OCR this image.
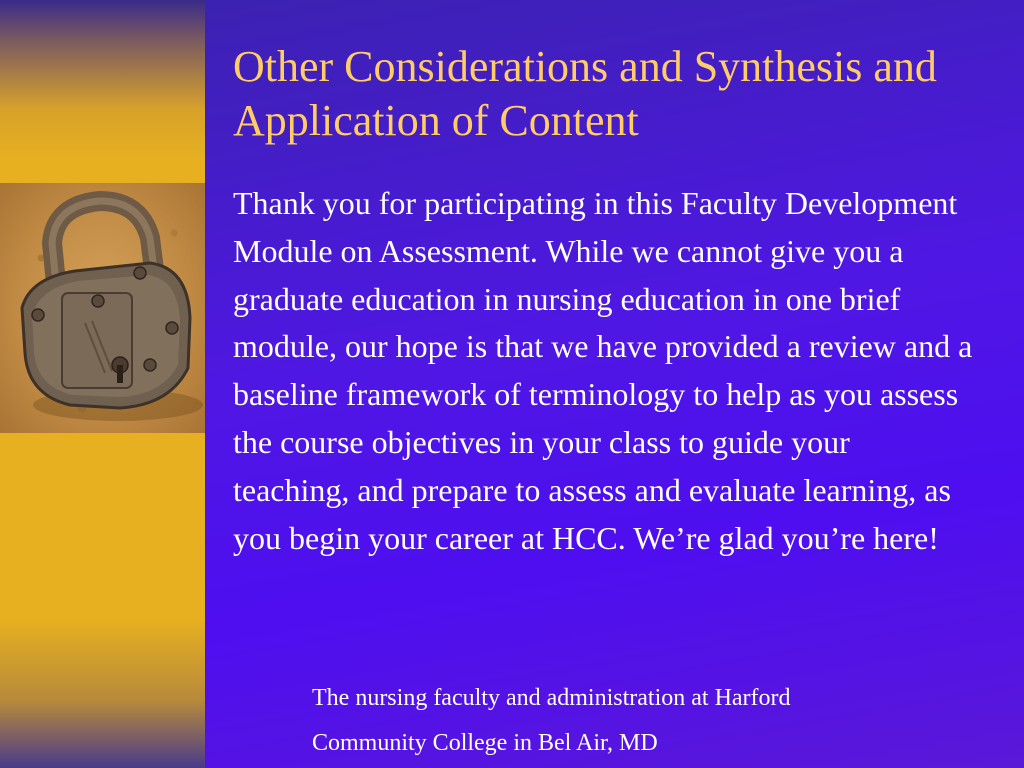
Other Considerations and Synthesis and Application of Content

Thank you for participating in this Faculty Development Module on Assessment. While we cannot give you a graduate education in nursing education in one brief module, our hope is that we have provided a review and a baseline framework of terminology to help as you assess the course objectives in your class to guide your teaching, and prepare to assess and evaluate learning, as you begin your career at HCC. We’re glad you’re here!

The nursing faculty and administration at Harford
Community College in Bel Air, MD
